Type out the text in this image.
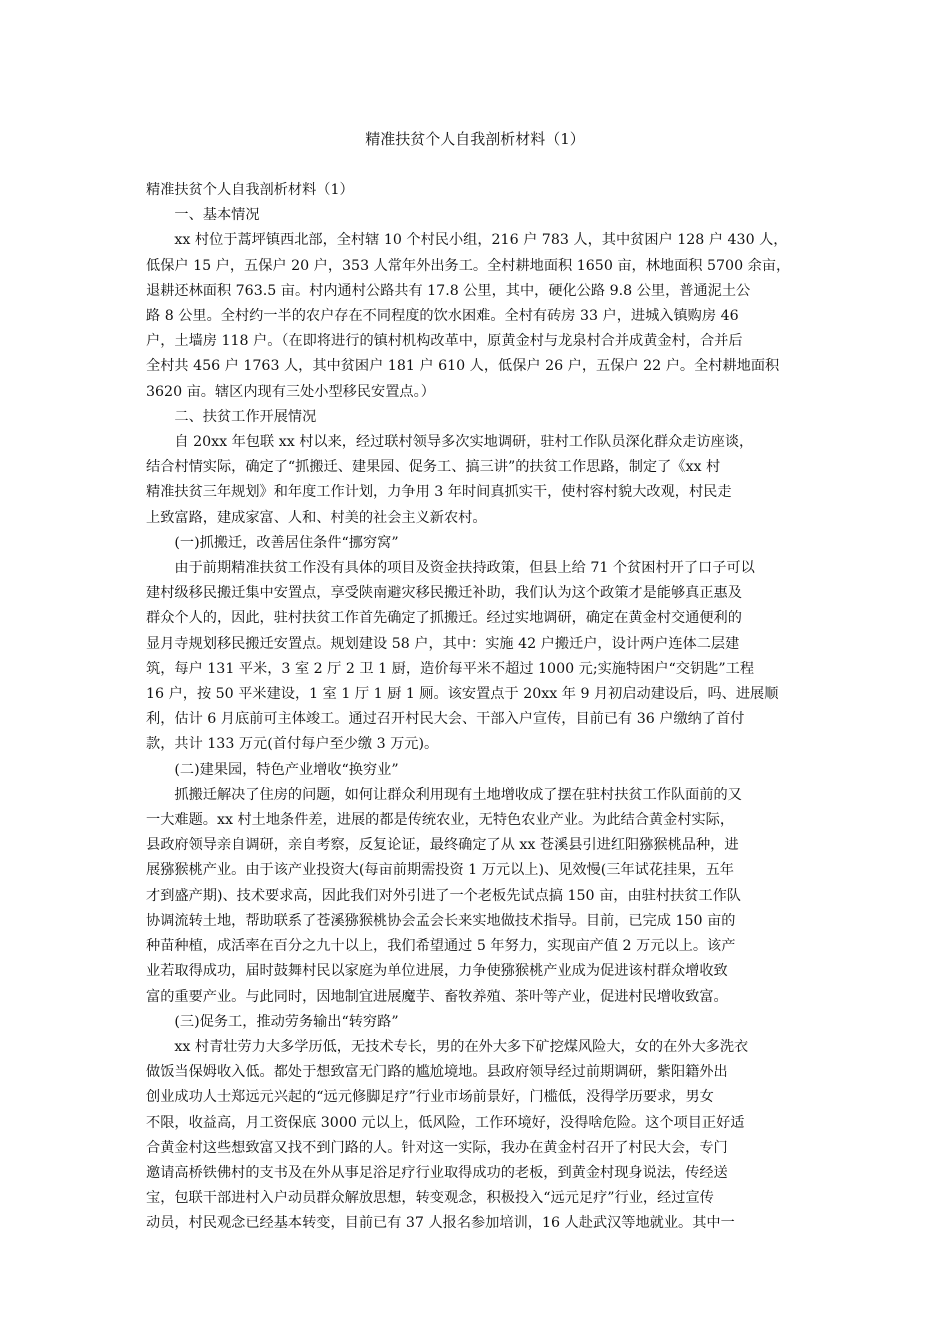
精准扶贫个人自我剖析材料（1）
精准扶贫个人自我剖析材料（1）
　　一、基本情况
　　xx 村位于蒿坪镇西北部，全村辖 10 个村民小组，216 户 783 人，其中贫困户 128 户 430 人，
低保户 15 户，五保户 20 户，353 人常年外出务工。全村耕地面积 1650 亩，林地面积 5700 余亩，
退耕还林面积 763.5 亩。村内通村公路共有 17.8 公里，其中，硬化公路 9.8 公里，普通泥土公
路 8 公里。全村约一半的农户存在不同程度的饮水困难。全村有砖房 33 户，进城入镇购房 46
户，土墙房 118 户。（在即将进行的镇村机构改革中，原黄金村与龙泉村合并成黄金村，合并后
全村共 456 户 1763 人，其中贫困户 181 户 610 人，低保户 26 户，五保户 22 户。全村耕地面积
3620 亩。辖区内现有三处小型移民安置点。）
　　二、扶贫工作开展情况
　　自 20xx 年包联 xx 村以来，经过联村领导多次实地调研，驻村工作队员深化群众走访座谈，
结合村情实际，确定了“抓搬迁、建果园、促务工、搞三讲”的扶贫工作思路，制定了《xx 村
精准扶贫三年规划》和年度工作计划，力争用 3 年时间真抓实干，使村容村貌大改观，村民走
上致富路，建成家富、人和、村美的社会主义新农村。
　　(一)抓搬迁，改善居住条件“挪穷窝”
　　由于前期精准扶贫工作没有具体的项目及资金扶持政策，但县上给 71 个贫困村开了口子可以
建村级移民搬迁集中安置点，享受陕南避灾移民搬迁补助，我们认为这个政策才是能够真正惠及
群众个人的，因此，驻村扶贫工作首先确定了抓搬迁。经过实地调研，确定在黄金村交通便利的
显月寺规划移民搬迁安置点。规划建设 58 户，其中：实施 42 户搬迁户，设计两户连体二层建
筑，每户 131 平米，3 室 2 厅 2 卫 1 厨，造价每平米不超过 1000 元;实施特困户“交钥匙”工程
16 户，按 50 平米建设，1 室 1 厅 1 厨 1 厕。该安置点于 20xx 年 9 月初启动建设后，吗、进展顺
利，估计 6 月底前可主体竣工。通过召开村民大会、干部入户宣传，目前已有 36 户缴纳了首付
款，共计 133 万元(首付每户至少缴 3 万元)。
　　(二)建果园，特色产业增收“换穷业”
　　抓搬迁解决了住房的问题，如何让群众利用现有土地增收成了摆在驻村扶贫工作队面前的又
一大难题。xx 村土地条件差，进展的都是传统农业，无特色农业产业。为此结合黄金村实际，
县政府领导亲自调研，亲自考察，反复论证，最终确定了从 xx 苍溪县引进红阳猕猴桃品种，进
展猕猴桃产业。由于该产业投资大(每亩前期需投资 1 万元以上)、见效慢(三年试花挂果，五年
才到盛产期)、技术要求高，因此我们对外引进了一个老板先试点搞 150 亩，由驻村扶贫工作队
协调流转土地，帮助联系了苍溪猕猴桃协会孟会长来实地做技术指导。目前，已完成 150 亩的
种苗种植，成活率在百分之九十以上，我们希望通过 5 年努力，实现亩产值 2 万元以上。该产
业若取得成功，届时鼓舞村民以家庭为单位进展，力争使猕猴桃产业成为促进该村群众增收致
富的重要产业。与此同时，因地制宜进展魔芋、畜牧养殖、茶叶等产业，促进村民增收致富。
　　(三)促务工，推动劳务输出“转穷路”
　　xx 村青壮劳力大多学历低，无技术专长，男的在外大多下矿挖煤风险大，女的在外大多洗衣
做饭当保姆收入低。都处于想致富无门路的尴尬境地。县政府领导经过前期调研，紫阳籍外出
创业成功人士郑远元兴起的“远元修脚足疗”行业市场前景好，门槛低，没得学历要求，男女
不限，收益高，月工资保底 3000 元以上，低风险，工作环境好，没得啥危险。这个项目正好适
合黄金村这些想致富又找不到门路的人。针对这一实际，我办在黄金村召开了村民大会，专门
邀请高桥铁佛村的支书及在外从事足浴足疗行业取得成功的老板，到黄金村现身说法，传经送
宝，包联干部进村入户动员群众解放思想，转变观念，积极投入“远元足疗”行业，经过宣传
动员，村民观念已经基本转变，目前已有 37 人报名参加培训，16 人赴武汉等地就业。其中一
